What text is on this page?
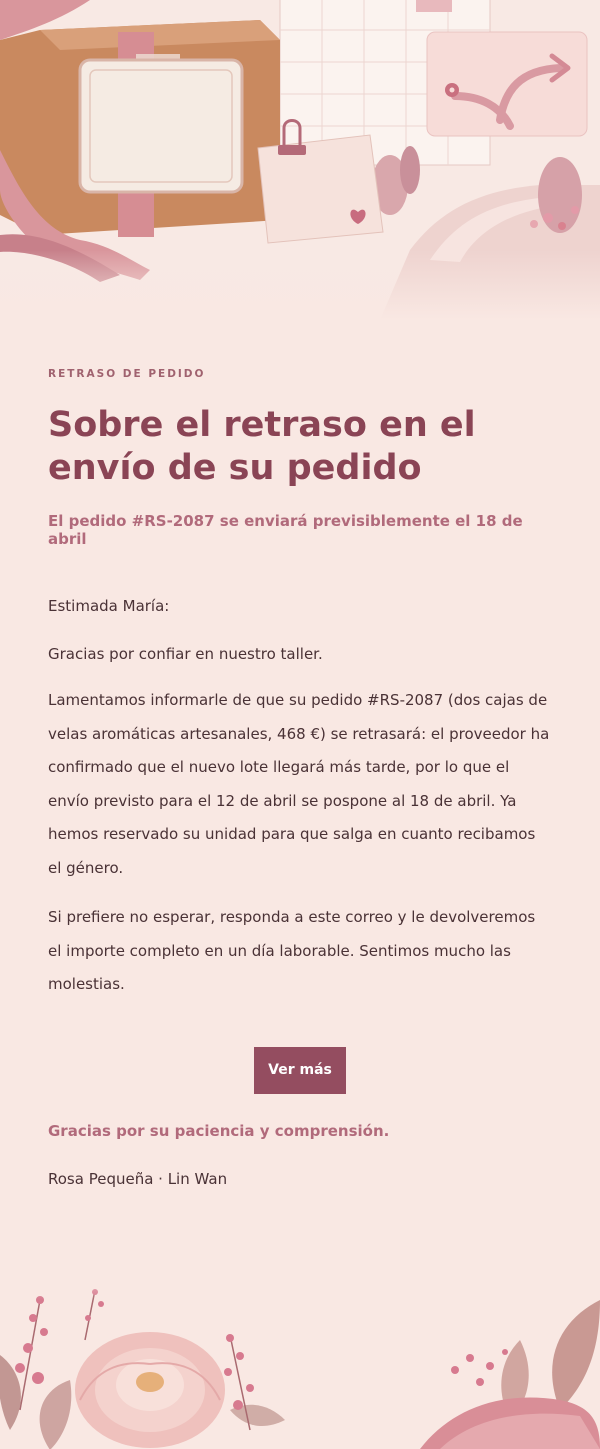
RETRASO DE PEDIDO
Sobre el retraso en el envío de su pedido

El pedido #RS-2087 se enviará previsiblemente el 18 de abril

Estimada María:

Gracias por confiar en nuestro taller.

Lamentamos informarle de que su pedido #RS-2087 (dos cajas de velas aromáticas artesanales, 468 €) se retrasará: el proveedor ha confirmado que el nuevo lote llegará más tarde, por lo que el envío previsto para el 12 de abril se pospone al 18 de abril. Ya hemos reservado su unidad para que salga en cuanto recibamos el género.

Si prefiere no esperar, responda a este correo y le devolveremos el importe completo en un día laborable. Sentimos mucho las molestias.

Ver más

Gracias por su paciencia y comprensión.

Rosa Pequeña · Lin Wan
